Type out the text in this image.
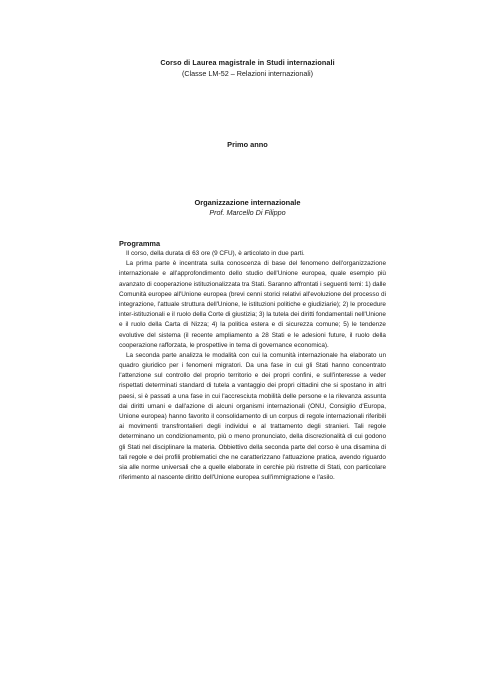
Corso di Laurea magistrale in Studi internazionali
(Classe LM-52 – Relazioni internazionali)
Primo anno
Organizzazione internazionale
Prof. Marcello Di Filippo
Programma

Il corso, della durata di 63 ore (9 CFU), è articolato in due parti.

La prima parte è incentrata sulla conoscenza di base del fenomeno dell'organizzazione internazionale e all'approfondimento dello studio dell'Unione europea, quale esempio più avanzato di cooperazione istituzionalizzata tra Stati. Saranno affrontati i seguenti temi: 1) dalle Comunità europee all'Unione europea (brevi cenni storici relativi all'evoluzione del processo di integrazione, l'attuale struttura dell'Unione, le istituzioni politiche e giudiziarie); 2) le procedure inter-istituzionali e il ruolo della Corte di giustizia; 3) la tutela dei diritti fondamentali nell'Unione e il ruolo della Carta di Nizza; 4) la politica estera e di sicurezza comune; 5) le tendenze evolutive del sistema (il recente ampliamento a 28 Stati e le adesioni future, il ruolo della cooperazione rafforzata, le prospettive in tema di governance economica).

La seconda parte analizza le modalità con cui la comunità internazionale ha elaborato un quadro giuridico per i fenomeni migratori. Da una fase in cui gli Stati hanno concentrato l'attenzione sul controllo del proprio territorio e dei propri confini, e sull'interesse a veder rispettati determinati standard di tutela a vantaggio dei propri cittadini che si spostano in altri paesi, si è passati a una fase in cui l'accresciuta mobilità delle persone e la rilevanza assunta dai diritti umani e dall'azione di alcuni organismi internazionali (ONU, Consiglio d'Europa, Unione europea) hanno favorito il consolidamento di un corpus di regole internazionali riferibili ai movimenti transfrontalieri degli individui e al trattamento degli stranieri. Tali regole determinano un condizionamento, più o meno pronunciato, della discrezionalità di cui godono gli Stati nel disciplinare la materia. Obbiettivo della seconda parte del corso è una disamina di tali regole e dei profili problematici che ne caratterizzano l'attuazione pratica, avendo riguardo sia alle norme universali che a quelle elaborate in cerchie più ristrette di Stati, con particolare riferimento al nascente diritto dell'Unione europea sull'immigrazione e l'asilo.
